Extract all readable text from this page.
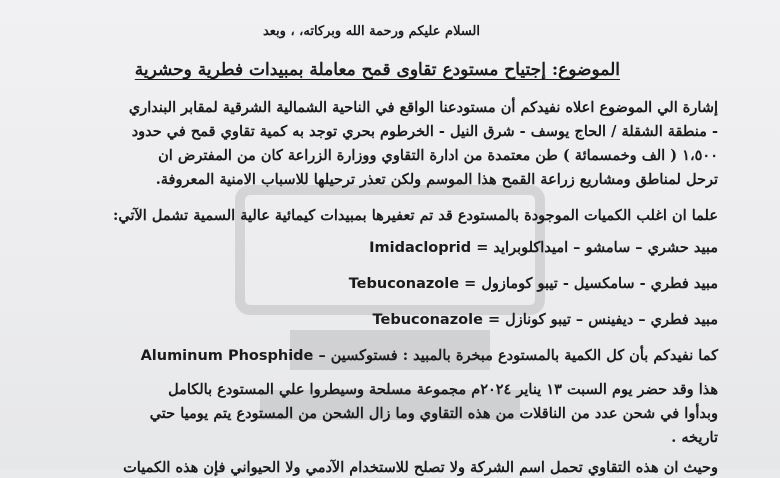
السلام عليكم ورحمة الله وبركاته، ، وبعد
الموضوع: إجتياح مستودع تقاوى قمح معاملة بمبيدات فطرية وحشرية
إشارة الي الموضوع اعلاه نفيدكم أن مستودعنا الواقع في الناحية الشمالية الشرقية لمقابر البنداري
- منطقة الشقلة / الحاج يوسف - شرق النيل - الخرطوم بحري توجد به كمية تقاوي قمح في حدود
١،٥٠٠ ( الف وخمسمائة ) طن معتمدة من ادارة التقاوي ووزارة الزراعة كان من المفترض ان
ترحل لمناطق ومشاريع زراعة القمح هذا الموسم ولكن تعذر ترحيلها للاسباب الامنية المعروفة.
علما ان اغلب الكميات الموجودة بالمستودع قد تم تعفيرها بمبيدات كيمائية عالية السمية تشمل الآتي:
مبيد حشري – سامشو – اميداكلوبرايد = Imidacloprid
مبيد فطري - سامكسيل - تيبو كومازول = Tebuconazole
مبيد فطري – ديفينس – تيبو كونازل = Tebuconazole
كما نفيدكم بأن كل الكمية بالمستودع مبخرة بالمبيد : فستوكسين – Aluminum Phosphide
هذا وقد حضر يوم السبت ١٣ يناير ٢٠٢٤م مجموعة مسلحة وسيطروا علي المستودع بالكامل
وبدأوا في شحن عدد من الناقلات من هذه التقاوي وما زال الشحن من المستودع يتم يوميا حتي
تاريخه .
وحيث ان هذه التقاوي تحمل اسم الشركة ولا تصلح للاستخدام الآدمي ولا الحيواني فإن هذه الكميات
